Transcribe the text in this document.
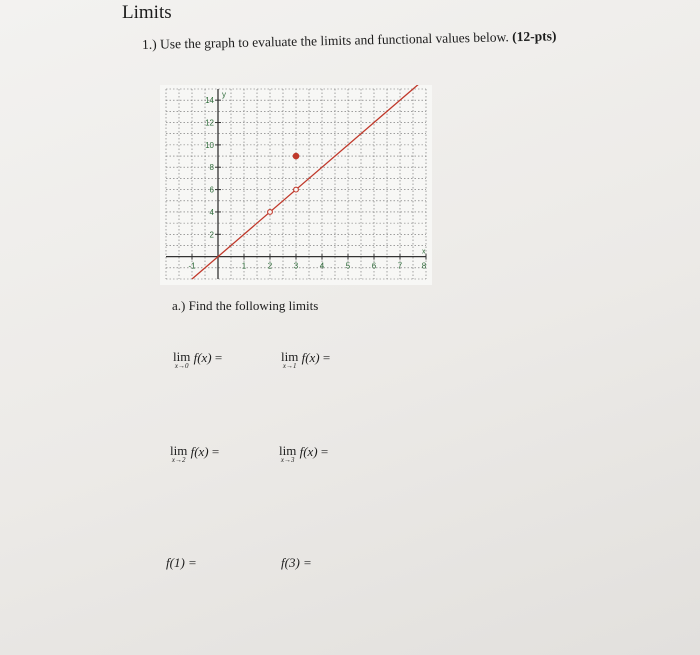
Limits
1.) Use the graph to evaluate the limits and functional values below. (12-pts)
-1	1	2	3	4	5	6	7 8
14
12
10
8
6
4
2
y
x
a.) Find the following limits
lim
x→0
f(x) =	lim
x→1
f(x) =
lim
x→2
f(x) =	lim
x→3
f(x) =
f(1) =	f(3) =
